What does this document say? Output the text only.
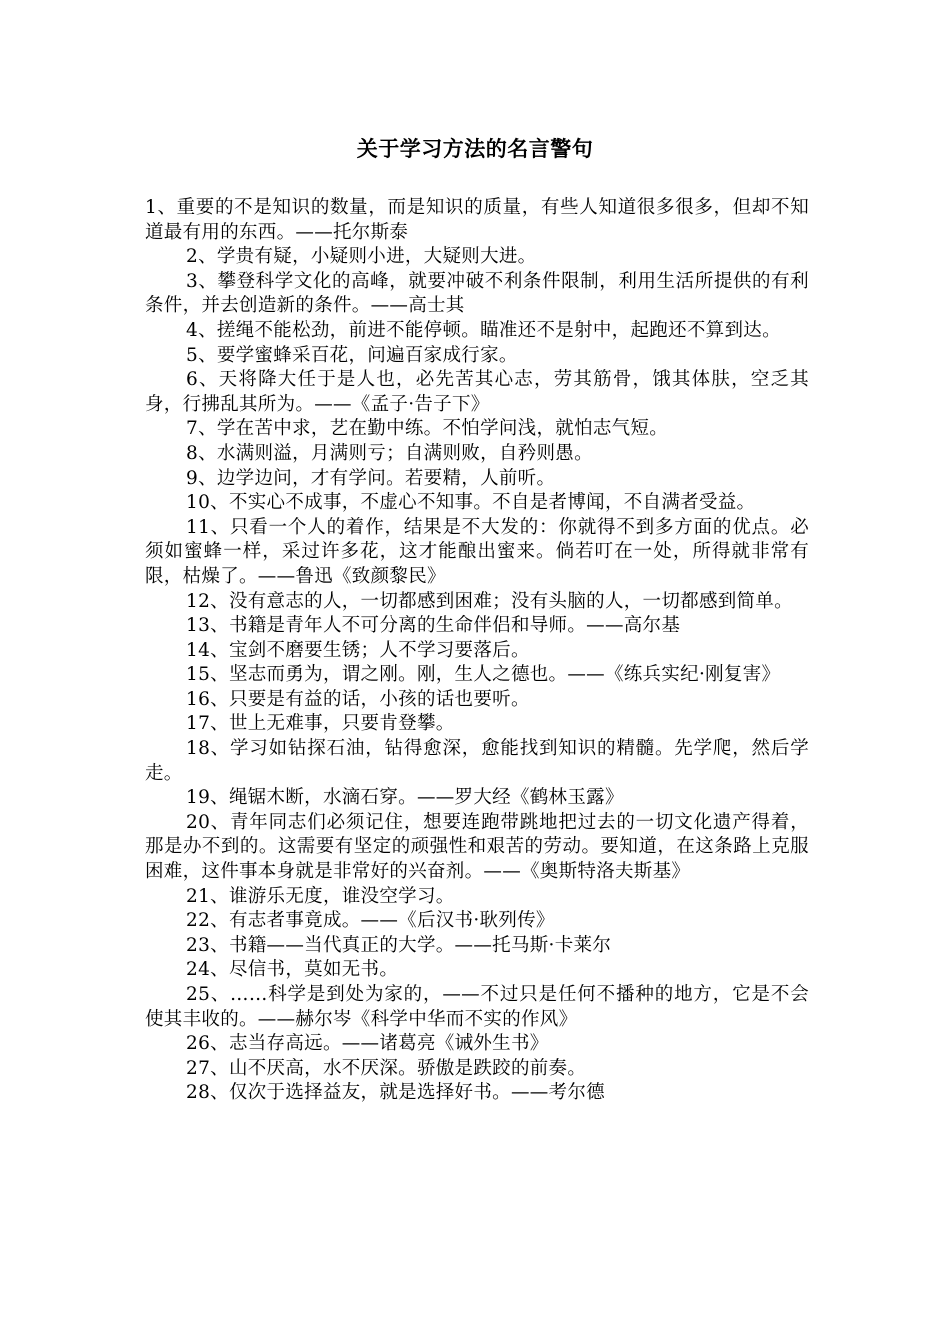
关于学习方法的名言警句

1、重要的不是知识的数量，而是知识的质量，有些人知道很多很多，但却不知道最有用的东西。——托尔斯泰

2、学贵有疑，小疑则小进，大疑则大进。

3、攀登科学文化的高峰，就要冲破不利条件限制，利用生活所提供的有利条件，并去创造新的条件。——高士其

4、搓绳不能松劲，前进不能停顿。瞄准还不是射中，起跑还不算到达。

5、要学蜜蜂采百花，问遍百家成行家。

6、天将降大任于是人也，必先苦其心志，劳其筋骨，饿其体肤，空乏其身，行拂乱其所为。——《孟子·告子下》

7、学在苦中求，艺在勤中练。不怕学问浅，就怕志气短。

8、水满则溢，月满则亏；自满则败，自矜则愚。

9、边学边问，才有学问。若要精，人前听。

10、不实心不成事，不虚心不知事。不自是者博闻，不自满者受益。

11、只看一个人的着作，结果是不大发的：你就得不到多方面的优点。必须如蜜蜂一样，采过许多花，这才能酿出蜜来。倘若叮在一处，所得就非常有限，枯燥了。——鲁迅《致颜黎民》

12、没有意志的人，一切都感到困难；没有头脑的人，一切都感到简单。

13、书籍是青年人不可分离的生命伴侣和导师。——高尔基

14、宝剑不磨要生锈；人不学习要落后。

15、坚志而勇为，谓之刚。刚，生人之德也。——《练兵实纪·刚复害》

16、只要是有益的话，小孩的话也要听。

17、世上无难事，只要肯登攀。

18、学习如钻探石油，钻得愈深，愈能找到知识的精髓。先学爬，然后学走。

19、绳锯木断，水滴石穿。——罗大经《鹤林玉露》

20、青年同志们必须记住，想要连跑带跳地把过去的一切文化遗产得着，那是办不到的。这需要有坚定的顽强性和艰苦的劳动。要知道，在这条路上克服困难，这件事本身就是非常好的兴奋剂。——《奥斯特洛夫斯基》

21、谁游乐无度，谁没空学习。

22、有志者事竟成。——《后汉书·耿列传》

23、书籍——当代真正的大学。——托马斯·卡莱尔

24、尽信书，莫如无书。

25、……科学是到处为家的，——不过只是任何不播种的地方，它是不会使其丰收的。——赫尔岑《科学中华而不实的作风》

26、志当存高远。——诸葛亮《诫外生书》

27、山不厌高，水不厌深。骄傲是跌跤的前奏。

28、仅次于选择益友，就是选择好书。——考尔德
